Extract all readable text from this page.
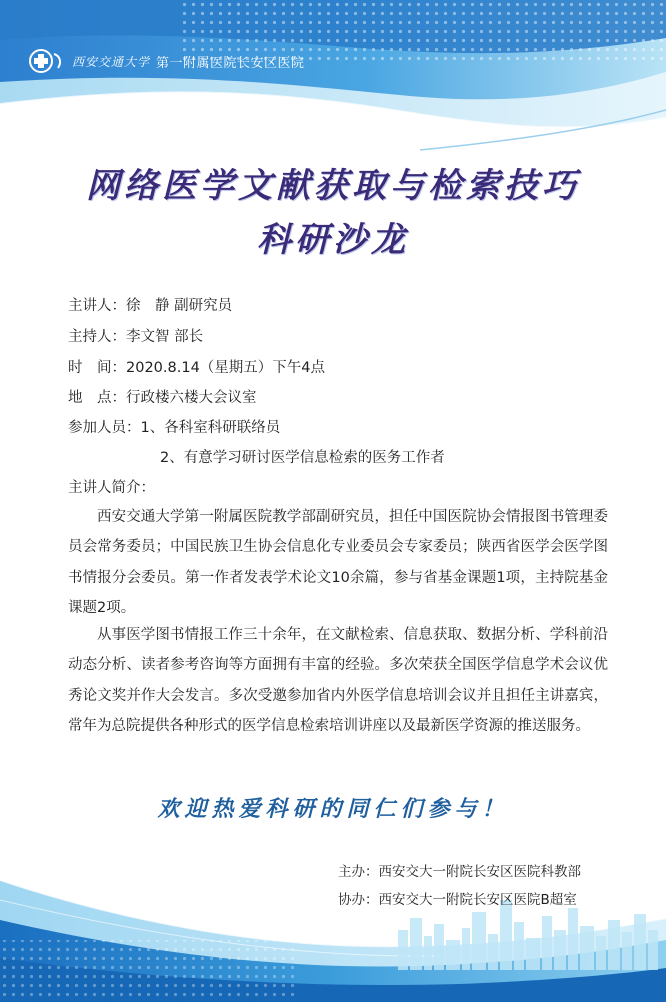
西安交通大学 第一附属医院长安区医院
网络医学文献获取与检索技巧
科研沙龙
主讲人：徐　静 副研究员
主持人：李文智 部长
时　间：2020.8.14（星期五）下午4点
地　点：行政楼六楼大会议室
参加人员：1、各科室科研联络员
2、有意学习研讨医学信息检索的医务工作者
主讲人简介：
西安交通大学第一附属医院教学部副研究员，担任中国医院协会情报图书管理委员会常务委员；中国民族卫生协会信息化专业委员会专家委员；陕西省医学会医学图书情报分会委员。第一作者发表学术论文10余篇，参与省基金课题1项，主持院基金课题2项。
从事医学图书情报工作三十余年，在文献检索、信息获取、数据分析、学科前沿动态分析、读者参考咨询等方面拥有丰富的经验。多次荣获全国医学信息学术会议优秀论文奖并作大会发言。多次受邀参加省内外医学信息培训会议并且担任主讲嘉宾，常年为总院提供各种形式的医学信息检索培训讲座以及最新医学资源的推送服务。
欢迎热爱科研的同仁们参与！
主办：西安交大一附院长安区医院科教部
协办：西安交大一附院长安区医院B超室
